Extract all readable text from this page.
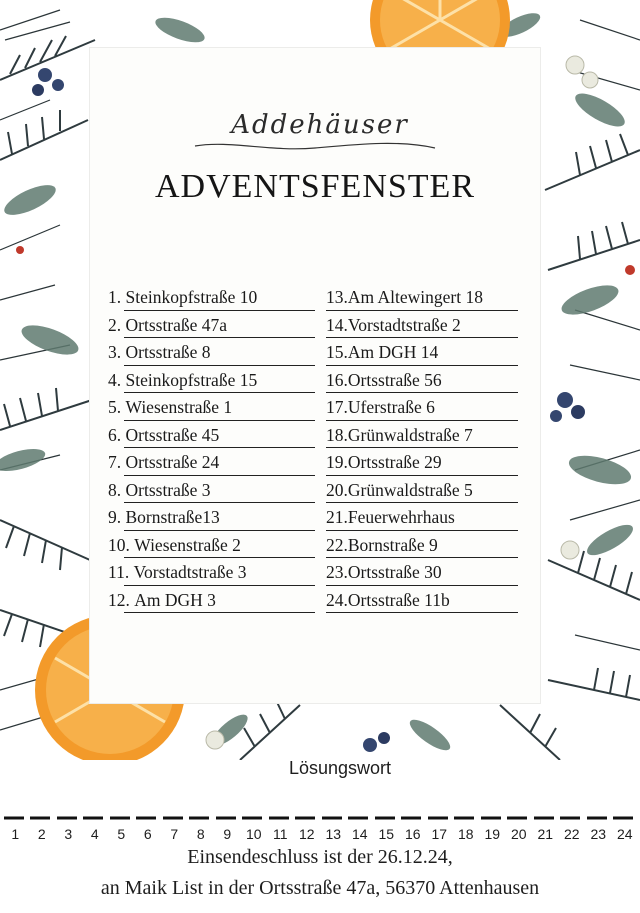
Addehäuser
ADVENTSFENSTER
1. Steinkopfstraße 10
2. Ortsstraße 47a
3. Ortsstraße 8
4. Steinkopfstraße 15
5. Wiesenstraße 1
6. Ortsstraße 45
7. Ortsstraße 24
8. Ortsstraße 3
9. Bornstraße13
10. Wiesenstraße 2
11. Vorstadtstraße 3
12. Am DGH 3
13.Am Altewingert 18
14.Vorstadtstraße 2
15.Am DGH 14
16.Ortsstraße 56
17.Uferstraße 6
18.Grünwaldstraße 7
19.Ortsstraße 29
20.Grünwaldstraße 5
21.Feuerwehrhaus
22.Bornstraße 9
23.Ortsstraße 30
24.Ortsstraße 11b
Lösungswort
1	2	3	4	5	6	7	8	9	10 11 12 13 14 15 16 17 18 19 20 21 22 23 24
Einsendeschluss ist der 26.12.24,
an Maik List in der Ortsstraße 47a, 56370 Attenhausen
